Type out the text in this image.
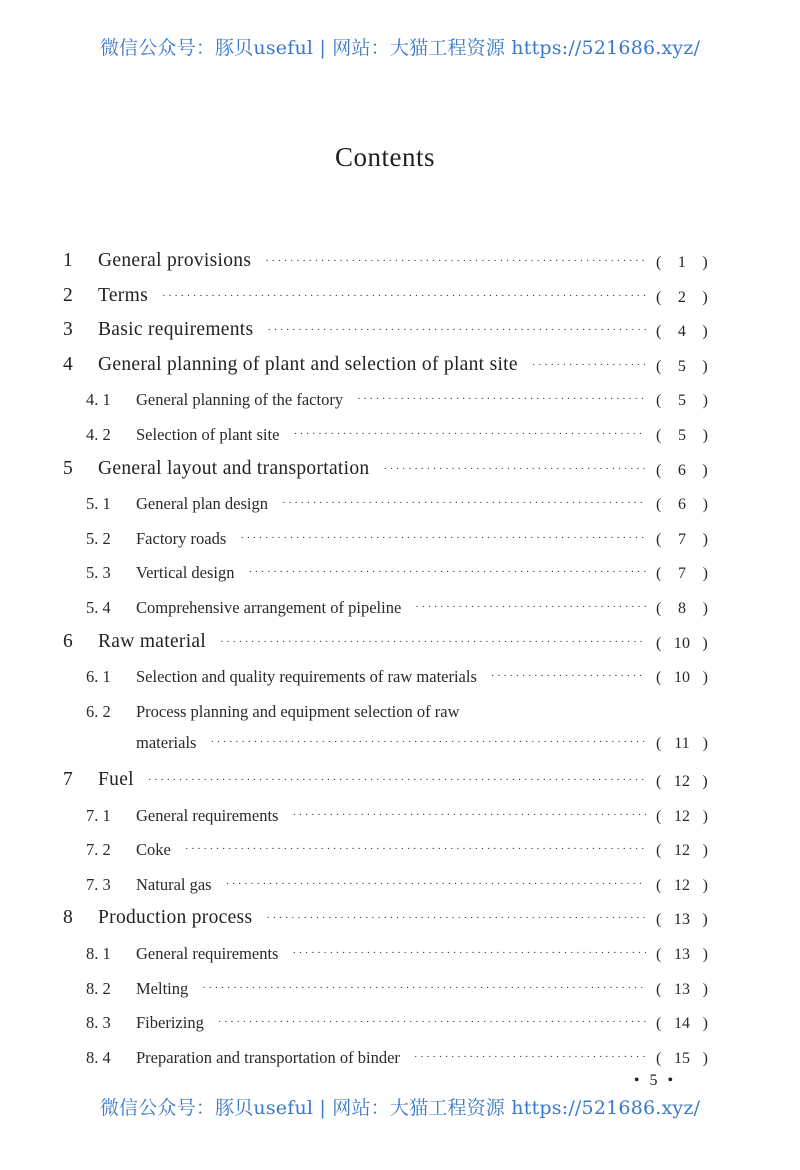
微信公众号：豚贝useful | 网站：大猫工程资源 https://521686.xyz/
Contents
1	General provisions ·····	( 1 )
2	Terms ·····	( 2 )
3	Basic requirements ·····	( 4 )
4	General planning of plant and selection of plant site ·····	( 5 )
4. 1	General planning of the factory ·····	( 5 )
4. 2	Selection of plant site ·····	( 5 )
5	General layout and transportation ·····	( 6 )
5. 1	General plan design ·····	( 6 )
5. 2	Factory roads ·····	( 7 )
5. 3	Vertical design ·····	( 7 )
5. 4	Comprehensive arrangement of pipeline ·····	( 8 )
6	Raw material ·····	( 10 )
6. 1	Selection and quality requirements of raw materials ·····	( 10 )
6. 2	Process planning and equipment selection of raw
materials ·····	( 11 )
7	Fuel ·····	( 12 )
7. 1	General requirements ·····	( 12 )
7. 2	Coke ·····	( 12 )
7. 3	Natural gas ·····	( 12 )
8	Production process ·····	( 13 )
8. 1	General requirements ·····	( 13 )
8. 2	Melting ·····	( 13 )
8. 3	Fiberizing ·····	( 14 )
8. 4	Preparation and transportation of binder ·····	( 15 )
• 5 •
微信公众号：豚贝useful | 网站：大猫工程资源 https://521686.xyz/
